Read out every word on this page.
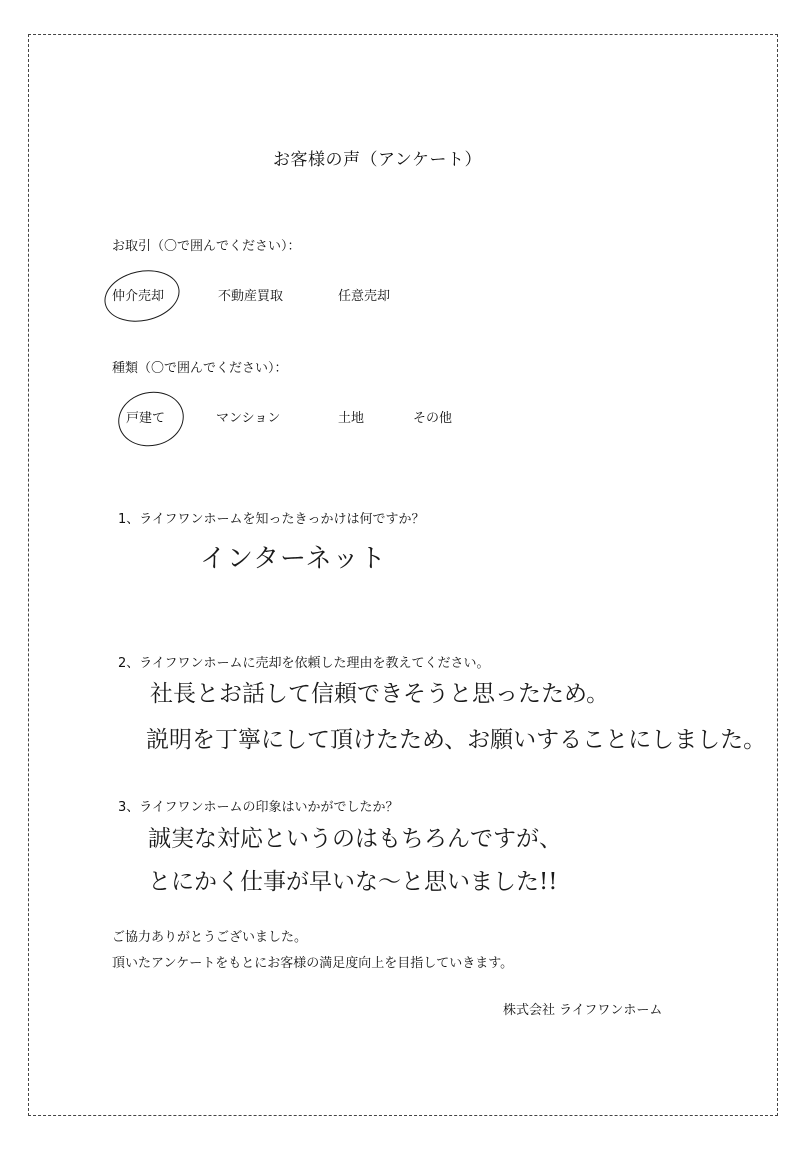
お客様の声（アンケート）
お取引（〇で囲んでください）：
仲介売却	不動産買取	任意売却
種類（〇で囲んでください）：
戸建て	マンション	土地	その他
1、ライフワンホームを知ったきっかけは何ですか？
インターネット
2、ライフワンホームに売却を依頼した理由を教えてください。
社長とお話して信頼できそうと思ったため。
説明を丁寧にして頂けたため、お願いすることにしました。
3、ライフワンホームの印象はいかがでしたか？
誠実な対応というのはもちろんですが、
とにかく仕事が早いな～と思いました!!
ご協力ありがとうございました。
頂いたアンケートをもとにお客様の満足度向上を目指していきます。
株式会社 ライフワンホーム
